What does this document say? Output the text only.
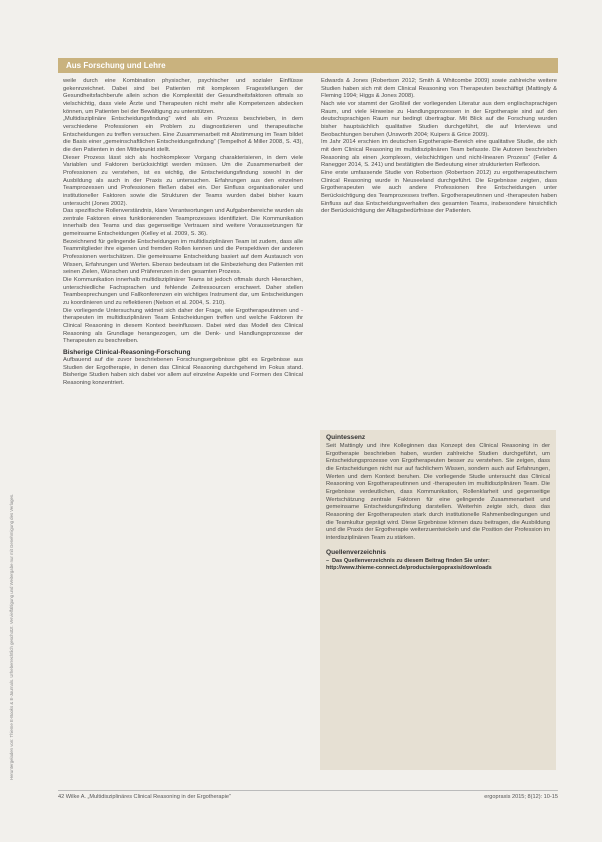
Heruntergeladen von: Thieme E-Books & E-Journals. Urheberrechtlich geschützt. Vervielfältigung und Weitergabe nur mit Genehmigung des Verlages.
Aus Forschung und Lehre

weile durch eine Kombination physischer, psychischer und sozialer Einflüsse gekennzeichnet. Dabei sind bei Patienten mit komplexen Fragestellungen der Gesundheitsfachberufe allein schon die Komplexität der Gesundheitsfaktoren oftmals so vielschichtig, dass viele Ärzte und Therapeuten nicht mehr alle Kompetenzen abdecken können, um Patienten bei der Bewältigung zu unterstützen.

„Multidisziplinäre Entscheidungsfindung“ wird als ein Prozess beschrieben, in dem verschiedene Professionen ein Problem zu diagnostizieren und therapeutische Entscheidungen zu treffen versuchen. Eine Zusammenarbeit mit Abstimmung im Team bildet die Basis einer „gemeinschaftlichen Entscheidungsfindung“ (Tempelhof & Miller 2008, S. 43), die den Patienten in den Mittelpunkt stellt.

Dieser Prozess lässt sich als hochkomplexer Vorgang charakterisieren, in dem viele Variablen und Faktoren berücksichtigt werden müssen. Um die Zusammenarbeit der Professionen zu verstehen, ist es wichtig, die Entscheidungsfindung sowohl in der Ausbildung als auch in der Praxis zu untersuchen. Erfahrungen aus den einzelnen Teamprozessen und Professionen fließen dabei ein. Der Einfluss organisationaler und institutioneller Faktoren sowie die Strukturen der Teams wurden dabei bisher kaum untersucht (Jones 2002).

Das spezifische Rollenverständnis, klare Verantwortungen und Aufgabenbereiche wurden als zentrale Faktoren eines funktionierenden Teamprozesses identifiziert. Die Kommunikation innerhalb des Teams und das gegenseitige Vertrauen sind weitere Voraussetzungen für gemeinsame Entscheidungen (Kelley et al. 2009, S. 36).

Bezeichnend für gelingende Entscheidungen im multidisziplinären Team ist zudem, dass alle Teammitglieder ihre eigenen und fremden Rollen kennen und die Perspektiven der anderen Professionen wertschätzen. Die gemeinsame Entscheidung basiert auf dem Austausch von Wissen, Erfahrungen und Werten. Ebenso bedeutsam ist die Einbeziehung des Patienten mit seinen Zielen, Wünschen und Präferenzen in den gesamten Prozess.

Die Kommunikation innerhalb multidisziplinärer Teams ist jedoch oftmals durch Hierarchien, unterschiedliche Fachsprachen und fehlende Zeitressourcen erschwert. Daher stellen Teambesprechungen und Fallkonferenzen ein wichtiges Instrument dar, um Entscheidungen zu koordinieren und zu reflektieren (Nelson et al. 2004, S. 210).

Die vorliegende Untersuchung widmet sich daher der Frage, wie Ergotherapeutinnen und -therapeuten im multidisziplinären Team Entscheidungen treffen und welche Faktoren ihr Clinical Reasoning in diesem Kontext beeinflussen. Dabei wird das Modell des Clinical Reasoning als Grundlage herangezogen, um die Denk- und Handlungsprozesse der Therapeuten zu beschreiben.

Bisherige Clinical-Reasoning-Forschung

Aufbauend auf die zuvor beschriebenen Forschungsergebnisse gibt es Ergebnisse aus Studien der Ergotherapie, in denen das Clinical Reasoning durchgehend im Fokus stand. Bisherige Studien haben sich dabei vor allem auf einzelne Aspekte und Formen des Clinical Reasoning konzentriert.

Edwards & Jones (Robertson 2012; Smith & Whitcombe 2009) sowie zahlreiche weitere Studien haben sich mit dem Clinical Reasoning von Therapeuten beschäftigt (Mattingly & Fleming 1994; Higgs & Jones 2008).

Nach wie vor stammt der Großteil der vorliegenden Literatur aus dem englischsprachigen Raum, und viele Hinweise zu Handlungsprozessen in der Ergotherapie sind auf den deutschsprachigen Raum nur bedingt übertragbar. Mit Blick auf die Forschung wurden bisher hauptsächlich qualitative Studien durchgeführt, die auf Interviews und Beobachtungen beruhen (Unsworth 2004; Kuipers & Grice 2009).

Im Jahr 2014 erschien im deutschen Ergotherapie-Bereich eine qualitative Studie, die sich mit dem Clinical Reasoning im multidisziplinären Team befasste. Die Autoren beschrieben Reasoning als einen „komplexen, vielschichtigen und nicht-linearen Prozess“ (Feiler & Ranegger 2014, S. 241) und bestätigten die Bedeutung einer strukturierten Reflexion.

Eine erste umfassende Studie von Robertson (Robertson 2012) zu ergotherapeutischem Clinical Reasoning wurde in Neuseeland durchgeführt. Die Ergebnisse zeigten, dass Ergotherapeuten wie auch andere Professionen ihre Entscheidungen unter Berücksichtigung des Teamprozesses treffen. Ergotherapeutinnen und -therapeuten haben Einfluss auf das Entscheidungsverhalten des gesamten Teams, insbesondere hinsichtlich der Berücksichtigung der Alltagsbedürfnisse der Patienten.

Quintessenz
Seit Mattingly und ihre Kolleginnen das Konzept des Clinical Reasoning in der Ergotherapie beschrieben haben, wurden zahlreiche Studien durchgeführt, um Entscheidungsprozesse von Ergotherapeuten besser zu verstehen. Sie zeigen, dass die Entscheidungen nicht nur auf fachlichem Wissen, sondern auch auf Erfahrungen, Werten und dem Kontext beruhen. Die vorliegende Studie untersucht das Clinical Reasoning von Ergotherapeutinnen und -therapeuten im multidisziplinären Team. Die Ergebnisse verdeutlichen, dass Kommunikation, Rollenklarheit und gegenseitige Wertschätzung zentrale Faktoren für eine gelingende Zusammenarbeit und gemeinsame Entscheidungsfindung darstellen. Weiterhin zeigte sich, dass das Reasoning der Ergotherapeuten stark durch institutionelle Rahmenbedingungen und die Teamkultur geprägt wird. Diese Ergebnisse können dazu beitragen, die Ausbildung und die Praxis der Ergotherapie weiterzuentwickeln und die Position der Profession im interdisziplinären Team zu stärken.
Quellenverzeichnis
– Das Quellenverzeichnis zu diesem Beitrag finden Sie unter:
http://www.thieme-connect.de/products/ergopraxis/downloads
42 Wilke A. „Multidisziplinäres Clinical Reasoning in der Ergotherapie“	ergopraxis 2015; 8(12): 10-15
